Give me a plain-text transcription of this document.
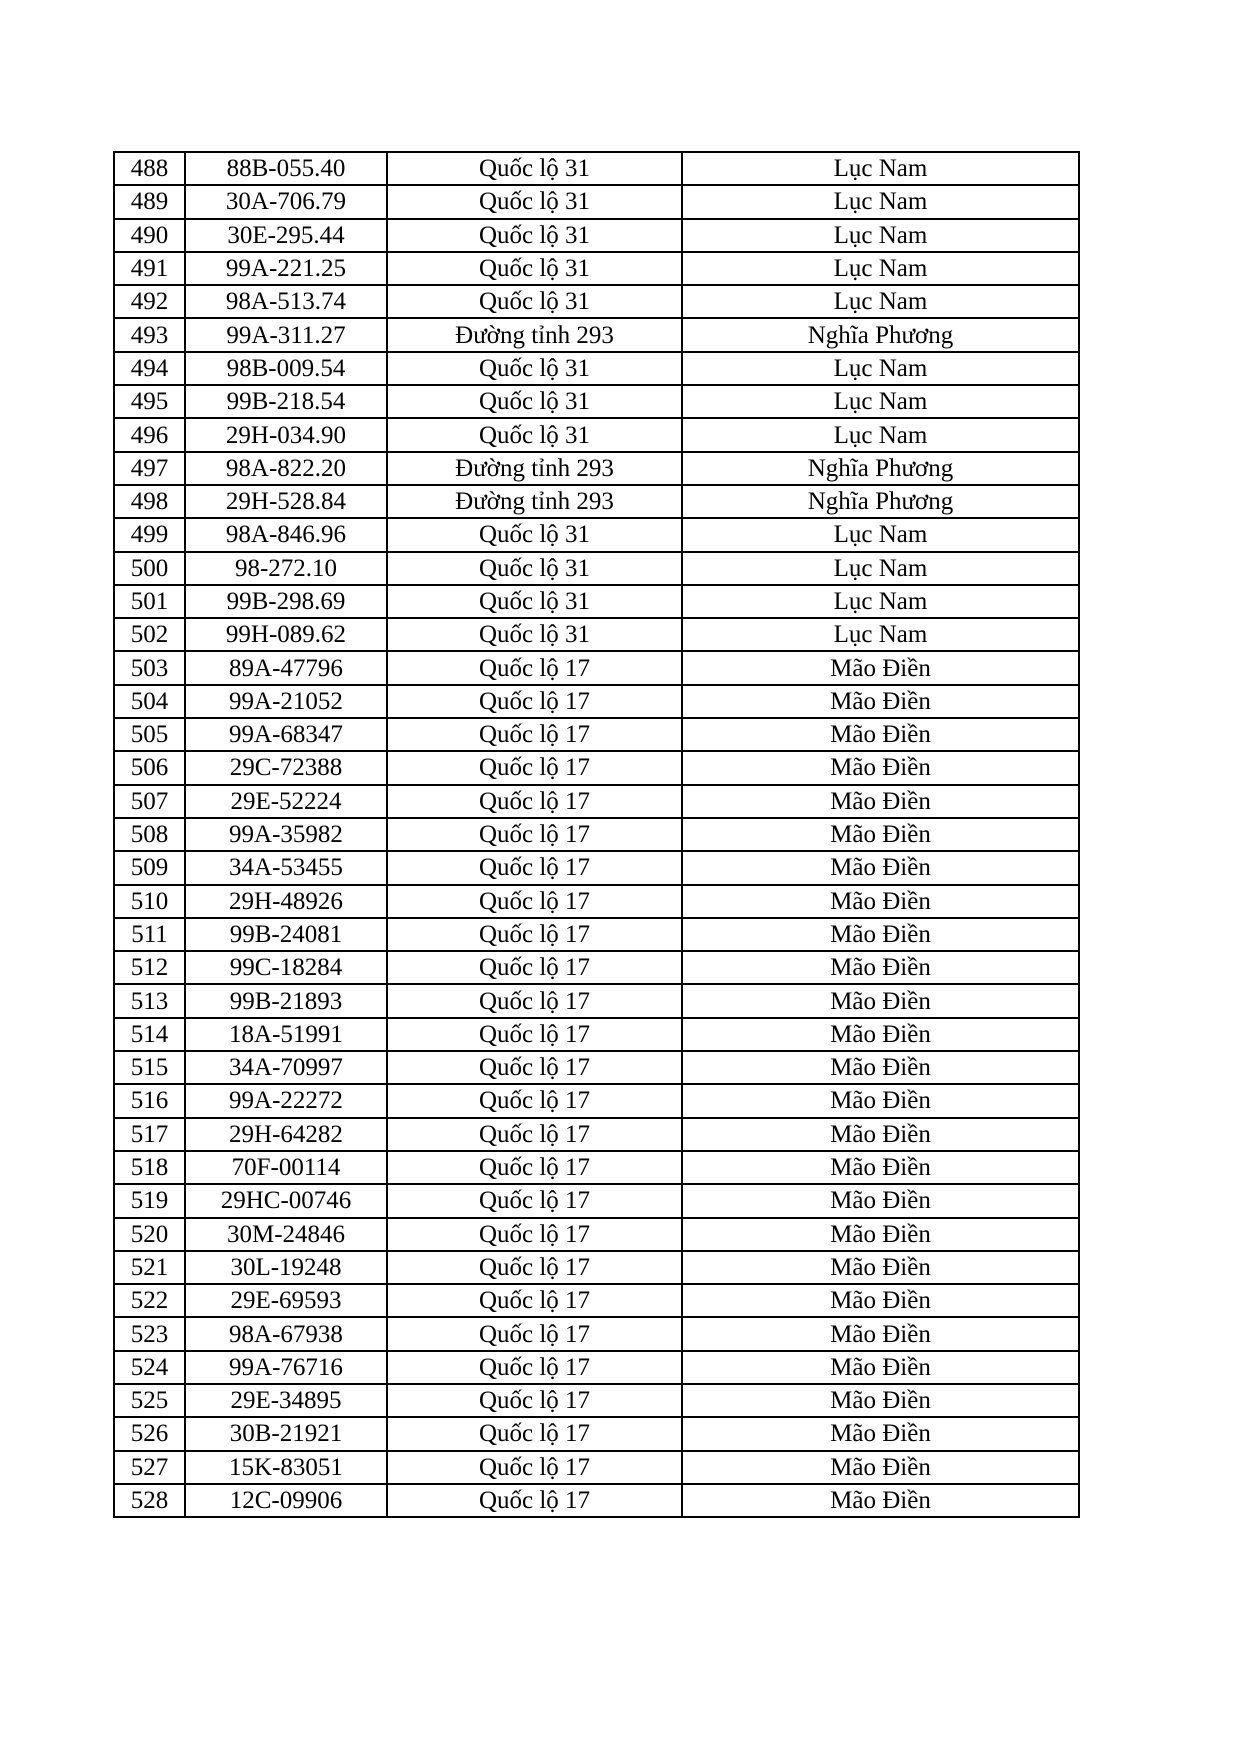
488	88B-055.40	Quốc lộ 31	Lục Nam
489	30A-706.79	Quốc lộ 31	Lục Nam
490	30E-295.44	Quốc lộ 31	Lục Nam
491	99A-221.25	Quốc lộ 31	Lục Nam
492	98A-513.74	Quốc lộ 31	Lục Nam
493	99A-311.27	Đường tỉnh 293	Nghĩa Phương
494	98B-009.54	Quốc lộ 31	Lục Nam
495	99B-218.54	Quốc lộ 31	Lục Nam
496	29H-034.90	Quốc lộ 31	Lục Nam
497	98A-822.20	Đường tỉnh 293	Nghĩa Phương
498	29H-528.84	Đường tỉnh 293	Nghĩa Phương
499	98A-846.96	Quốc lộ 31	Lục Nam
500	98-272.10	Quốc lộ 31	Lục Nam
501	99B-298.69	Quốc lộ 31	Lục Nam
502	99H-089.62	Quốc lộ 31	Lục Nam
503	89A-47796	Quốc lộ 17	Mão Điền
504	99A-21052	Quốc lộ 17	Mão Điền
505	99A-68347	Quốc lộ 17	Mão Điền
506	29C-72388	Quốc lộ 17	Mão Điền
507	29E-52224	Quốc lộ 17	Mão Điền
508	99A-35982	Quốc lộ 17	Mão Điền
509	34A-53455	Quốc lộ 17	Mão Điền
510	29H-48926	Quốc lộ 17	Mão Điền
511	99B-24081	Quốc lộ 17	Mão Điền
512	99C-18284	Quốc lộ 17	Mão Điền
513	99B-21893	Quốc lộ 17	Mão Điền
514	18A-51991	Quốc lộ 17	Mão Điền
515	34A-70997	Quốc lộ 17	Mão Điền
516	99A-22272	Quốc lộ 17	Mão Điền
517	29H-64282	Quốc lộ 17	Mão Điền
518	70F-00114	Quốc lộ 17	Mão Điền
519	29HC-00746	Quốc lộ 17	Mão Điền
520	30M-24846	Quốc lộ 17	Mão Điền
521	30L-19248	Quốc lộ 17	Mão Điền
522	29E-69593	Quốc lộ 17	Mão Điền
523	98A-67938	Quốc lộ 17	Mão Điền
524	99A-76716	Quốc lộ 17	Mão Điền
525	29E-34895	Quốc lộ 17	Mão Điền
526	30B-21921	Quốc lộ 17	Mão Điền
527	15K-83051	Quốc lộ 17	Mão Điền
528	12C-09906	Quốc lộ 17	Mão Điền
